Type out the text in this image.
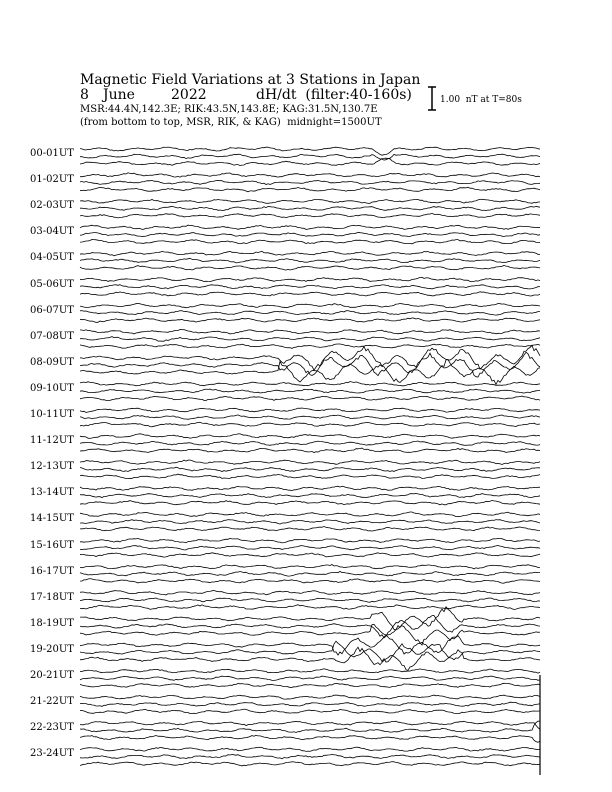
Magnetic Field Variations at 3 Stations in Japan
8 June	2022	dH/dt  (filter:40-160s)
MSR:44.4N,142.3E; RIK:43.5N,143.8E; KAG:31.5N,130.7E
(from bottom to top, MSR, RIK, & KAG)  midnight=1500UT
1.00  nT at T=80s
00-01UT
01-02UT
02-03UT
03-04UT
04-05UT
05-06UT
06-07UT
07-08UT
08-09UT
09-10UT
10-11UT
11-12UT
12-13UT
13-14UT
14-15UT
15-16UT
16-17UT
17-18UT
18-19UT
19-20UT
20-21UT
21-22UT
22-23UT
23-24UT
